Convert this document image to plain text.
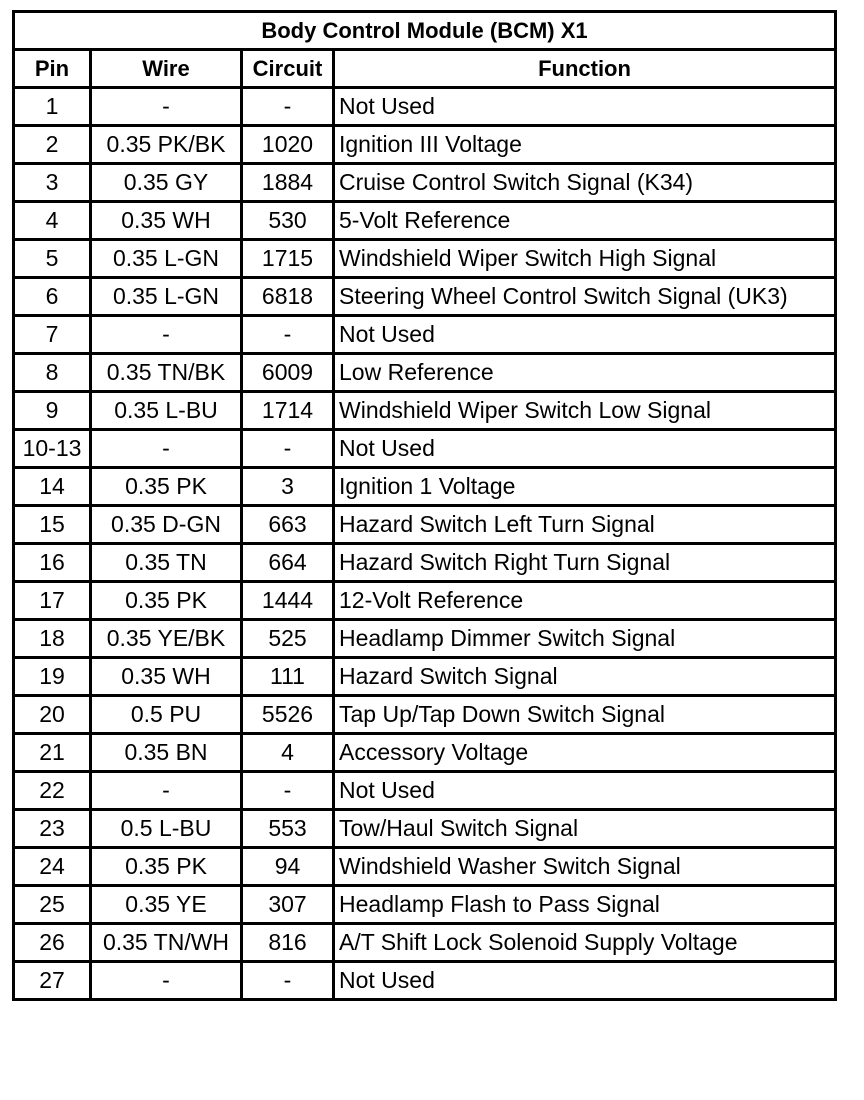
Body Control Module (BCM) X1			
Pin	Wire	Circuit	Function
1	-	-	Not Used
2	0.35 PK/BK	1020	Ignition III Voltage
3	0.35 GY	1884	Cruise Control Switch Signal (K34)
4	0.35 WH	530	5-Volt Reference
5	0.35 L-GN	1715	Windshield Wiper Switch High Signal
6	0.35 L-GN	6818	Steering Wheel Control Switch Signal (UK3)
7	-	-	Not Used
8	0.35 TN/BK	6009	Low Reference
9	0.35 L-BU	1714	Windshield Wiper Switch Low Signal
10-13	-	-	Not Used
14	0.35 PK	3	Ignition 1 Voltage
15	0.35 D-GN	663	Hazard Switch Left Turn Signal
16	0.35 TN	664	Hazard Switch Right Turn Signal
17	0.35 PK	1444	12-Volt Reference
18	0.35 YE/BK	525	Headlamp Dimmer Switch Signal
19	0.35 WH	111	Hazard Switch Signal
20	0.5 PU	5526	Tap Up/Tap Down Switch Signal
21	0.35 BN	4	Accessory Voltage
22	-	-	Not Used
23	0.5 L-BU	553	Tow/Haul Switch Signal
24	0.35 PK	94	Windshield Washer Switch Signal
25	0.35 YE	307	Headlamp Flash to Pass Signal
26	0.35 TN/WH	816	A/T Shift Lock Solenoid Supply Voltage
27	-	-	Not Used
